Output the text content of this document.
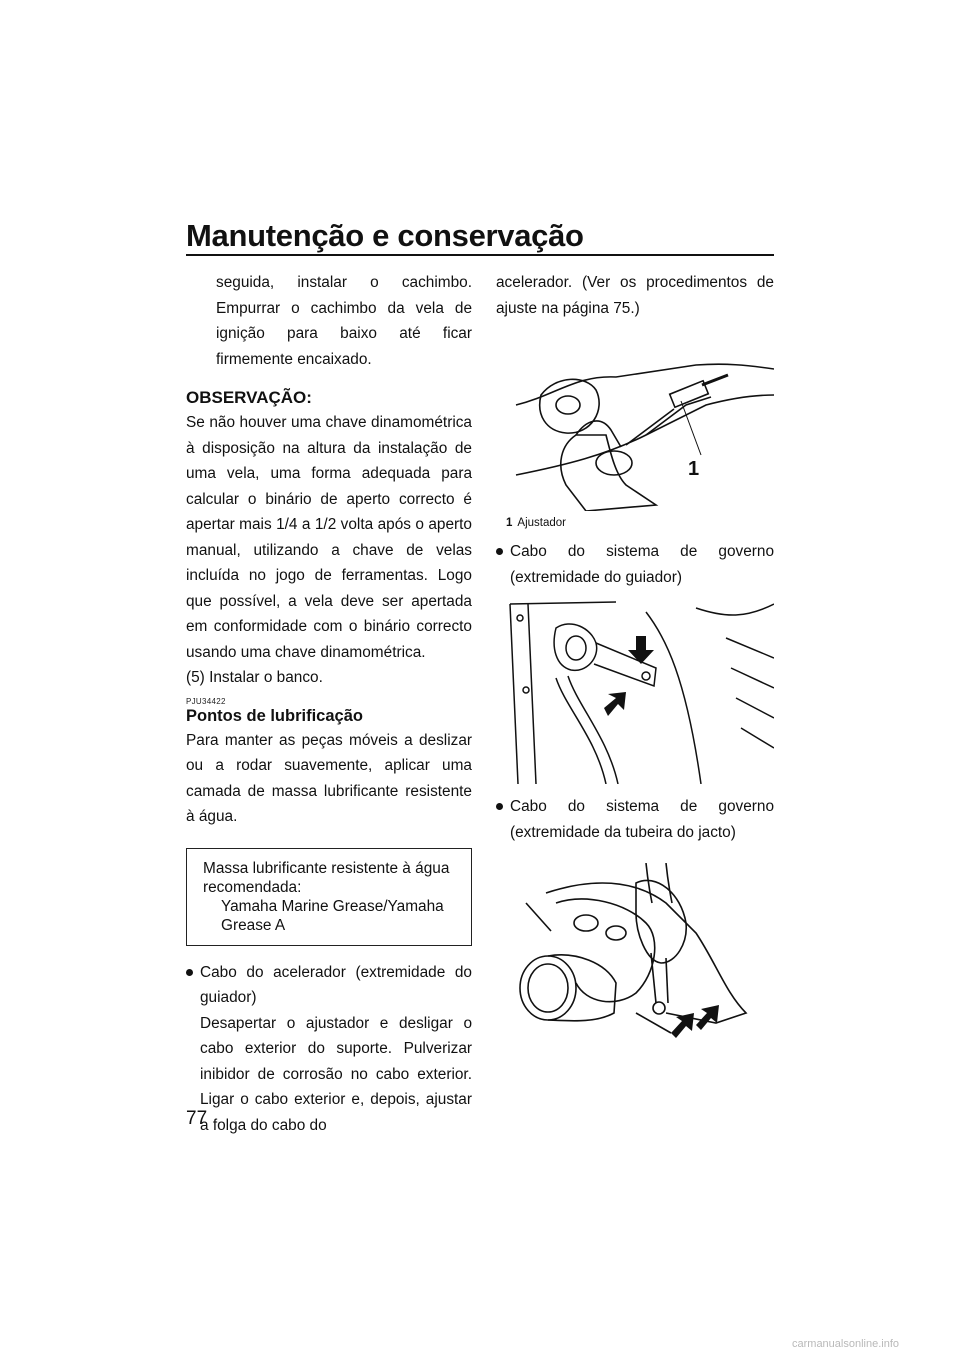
Manutenção e conservação

seguida, instalar o cachimbo. Empurrar o cachimbo da vela de ignição para baixo até ficar firmemente encaixado.

OBSERVAÇÃO:

Se não houver uma chave dinamométrica à disposição na altura da instalação de uma vela, uma forma adequada para calcular o binário de aperto correcto é apertar mais 1/4 a 1/2 volta após o aperto manual, utilizando a chave de velas incluída no jogo de ferramentas. Logo que possível, a vela deve ser apertada em conformidade com o binário correcto usando uma chave dinamométrica.

(5) Instalar o banco.

PJU34422
Pontos de lubrificação

Para manter as peças móveis a deslizar ou a rodar suavemente, aplicar uma camada de massa lubrificante resistente à água.

Massa lubrificante resistente à água recomendada:
Yamaha Marine Grease/Yamaha Grease A

Cabo do acelerador (extremidade do guiador)

Desapertar o ajustador e desligar o cabo exterior do suporte. Pulverizar inibidor de corrosão no cabo exterior. Ligar o cabo exterior e, depois, ajustar a folga do cabo do

acelerador. (Ver os procedimentos de ajuste na página 75.)

1
1 Ajustador

Cabo do sistema de governo (extremidade do guiador)

Cabo do sistema de governo (extremidade da tubeira do jacto)

77
carmanualsonline.info
